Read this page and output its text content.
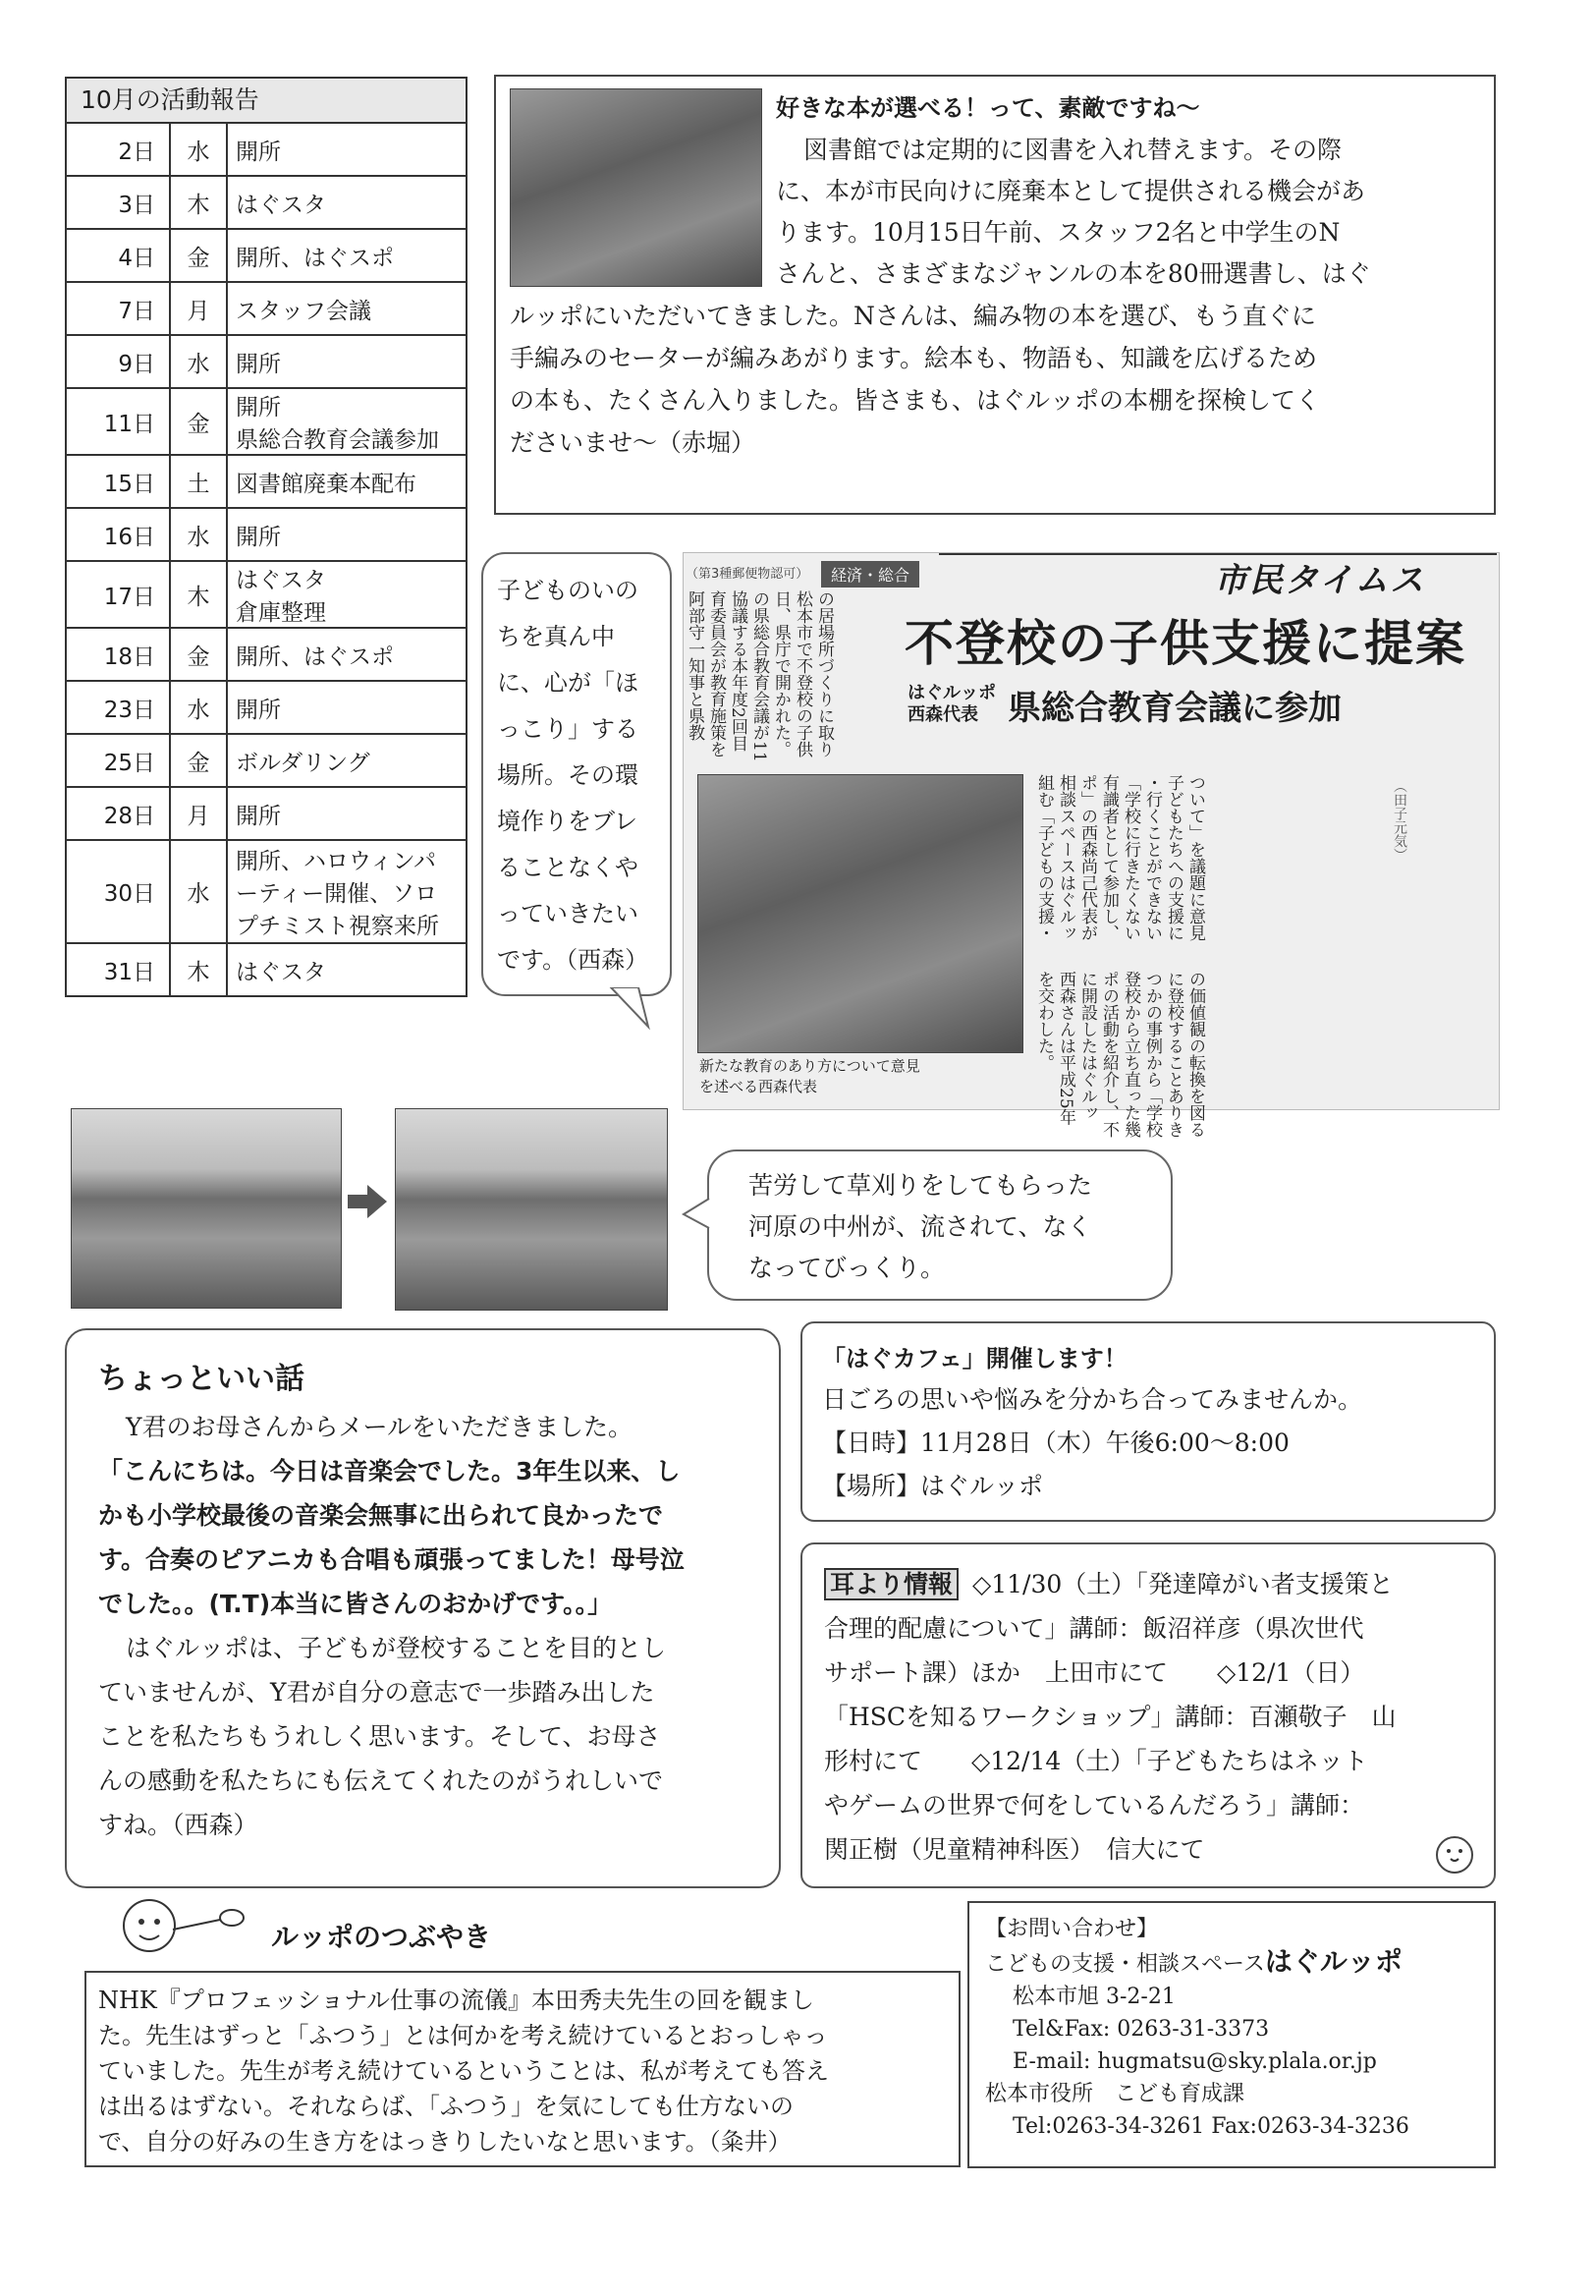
10月の活動報告
2日	水	開所
3日	木	はぐスタ
4日	金	開所、はぐスポ
7日	月	スタッフ会議
9日	水	開所
11日	金	開所
県総合教育会議参加
15日	土	図書館廃棄本配布
16日	水	開所
17日	木	はぐスタ
倉庫整理
18日	金	開所、はぐスポ
23日	水	開所
25日	金	ボルダリング
28日	月	開所
30日	水	開所、ハロウィンパーティー開催、ソロプチミスト視察来所
31日	木	はぐスタ
好きな本が選べる！って、素敵ですね～
図書館では定期的に図書を入れ替えます。その際
に、本が市民向けに廃棄本として提供される機会があ
ります。10月15日午前、スタッフ2名と中学生のN
さんと、さまざまなジャンルの本を80冊選書し、はぐ
ルッポにいただいてきました。Nさんは、編み物の本を選び、もう直ぐに
手編みのセーターが編みあがります。絵本も、物語も、知識を広げるため
の本も、たくさん入りました。皆さまも、はぐルッポの本棚を探検してく
ださいませ～（赤堀）
子どものいの
ちを真ん中
に、心が「ほ
っこり」する
場所。その環
境作りをブレ
ることなくや
っていきたい
です。（西森）
（第3種郵便物認可）	経済・総合	市民タイムス
の居場所づくりに取り
松本市で不登校の子供
日、県庁で開かれた。
の県総合教育会議が11
協議する本年度2回目
育委員会が教育施策を
阿部守一知事と県教	不登校の子供支援に提案
はぐルッポ
西森代表 県総合教育会議に参加
新たな教育のあり方について意見
を述べる西森代表
ついて」を議題に意見
子どもたちへの支援に
・行くことができない
「学校に行きたくない
有識者として参加し、
ポ」の西森尚己代表が
相談スペースはぐルッ
組む「子どもの支援・
の価値観の転換を図る
に登校することありき
つかの事例から「学校
登校から立ち直った幾
ポの活動を紹介し、不
に開設したはぐルッ
西森さんは平成25年
を交わした。
（田子元気）
苦労して草刈りをしてもらった
河原の中州が、流されて、なく
なってびっくり。
ちょっといい話
Y君のお母さんからメールをいただきました。
「こんにちは。今日は音楽会でした。3年生以来、し
かも小学校最後の音楽会無事に出られて良かったで
す。合奏のピアニカも合唱も頑張ってました！母号泣
でした。。(T.T)本当に皆さんのおかげです。。」
はぐルッポは、子どもが登校することを目的とし
ていませんが、Y君が自分の意志で一歩踏み出した
ことを私たちもうれしく思います。そして、お母さ
んの感動を私たちにも伝えてくれたのがうれしいで
すね。（西森）
「はぐカフェ」開催します！
日ごろの思いや悩みを分かち合ってみませんか。
【日時】11月28日（木）午後6:00～8:00
【場所】はぐルッポ
耳より情報 ◇11/30（土）「発達障がい者支援策と
合理的配慮について」講師：飯沼祥彦（県次世代
サポート課）ほか　上田市にて　　◇12/1（日）
「HSCを知るワークショップ」講師：百瀬敬子　山
形村にて　　◇12/14（土）「子どもたちはネット
やゲームの世界で何をしているんだろう」講師：
関正樹（児童精神科医）　信大にて
ルッポのつぶやき
NHK『プロフェッショナル仕事の流儀』本田秀夫先生の回を観まし
た。先生はずっと「ふつう」とは何かを考え続けているとおっしゃっ
ていました。先生が考え続けているということは、私が考えても答え
は出るはずない。それならば、「ふつう」を気にしても仕方ないの
で、自分の好みの生き方をはっきりしたいなと思います。（粂井）
【お問い合わせ】
こどもの支援・相談スペースはぐルッポ
松本市旭 3-2-21
Tel&Fax: 0263-31-3373
E-mail: hugmatsu@sky.plala.or.jp
松本市役所　こども育成課
Tel:0263-34-3261 Fax:0263-34-3236
